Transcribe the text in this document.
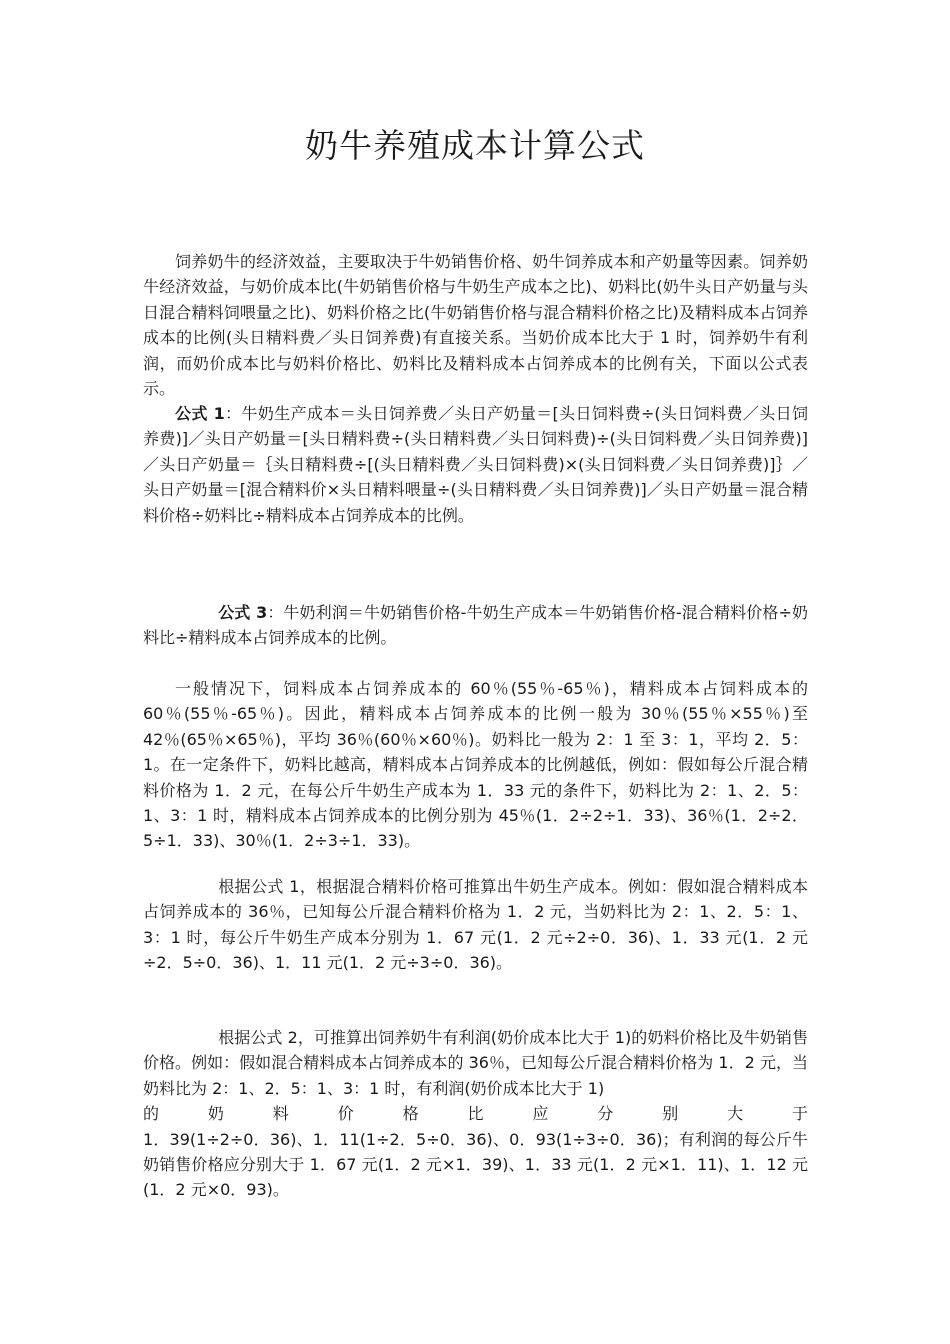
奶牛养殖成本计算公式

饲养奶牛的经济效益，主要取决于牛奶销售价格、奶牛饲养成本和产奶量等因素。饲养奶牛经济效益，与奶价成本比(牛奶销售价格与牛奶生产成本之比)、奶料比(奶牛头日产奶量与头日混合精料饲喂量之比)、奶料价格之比(牛奶销售价格与混合精料价格之比)及精料成本占饲养成本的比例(头日精料费／头日饲养费)有直接关系。当奶价成本比大于 1 时，饲养奶牛有利润，而奶价成本比与奶料价格比、奶料比及精料成本占饲养成本的比例有关，下面以公式表示。

公式 1：牛奶生产成本＝头日饲养费／头日产奶量＝[头日饲料费÷(头日饲料费／头日饲养费)]／头日产奶量＝[头日精料费÷(头日精料费／头日饲料费)÷(头日饲料费／头日饲养费)]／头日产奶量＝｛头日精料费÷[(头日精料费／头日饲料费)×(头日饲料费／头日饲养费)]｝／头日产奶量＝[混合精料价×头日精料喂量÷(头日精料费／头日饲养费)]／头日产奶量＝混合精料价格÷奶料比÷精料成本占饲养成本的比例。

公式 3：牛奶利润＝牛奶销售价格-牛奶生产成本＝牛奶销售价格-混合精料价格÷奶料比÷精料成本占饲养成本的比例。

一般情况下，饲料成本占饲养成本的 60％(55％-65％)，精料成本占饲料成本的 60％(55％-65％)。因此，精料成本占饲养成本的比例一般为 30％(55％×55％)至 42％(65％×65％)，平均 36％(60％×60％)。奶料比一般为 2：1 至 3：1，平均 2．5：1。在一定条件下，奶料比越高，精料成本占饲养成本的比例越低，例如：假如每公斤混合精料价格为 1．2 元，在每公斤牛奶生产成本为 1．33 元的条件下，奶料比为 2：1、2．5：1、3：1 时，精料成本占饲养成本的比例分别为 45％(1．2÷2÷1．33)、36％(1．2÷2．5÷1．33)、30％(1．2÷3÷1．33)。

根据公式 1，根据混合精料价格可推算出牛奶生产成本。例如：假如混合精料成本占饲养成本的 36％，已知每公斤混合精料价格为 1．2 元，当奶料比为 2：1、2．5：1、3：1 时，每公斤牛奶生产成本分别为 1．67 元(1．2 元÷2÷0．36)、1．33 元(1．2 元÷2．5÷0．36)、1．11 元(1．2 元÷3÷0．36)。

根据公式 2，可推算出饲养奶牛有利润(奶价成本比大于 1)的奶料价格比及牛奶销售价格。例如：假如混合精料成本占饲养成本的 36％，已知每公斤混合精料价格为 1．2 元，当奶料比为 2：1、2．5：1、3：1 时，有利润(奶价成本比大于 1)
的 奶 料 价 格 比 应 分 别 大 于
1．39(1÷2÷0．36)、1．11(1÷2．5÷0．36)、0．93(1÷3÷0．36)；有利润的每公斤牛奶销售价格应分别大于 1．67 元(1．2 元×1．39)、1．33 元(1．2 元×1．11)、1．12 元(1．2 元×0．93)。
